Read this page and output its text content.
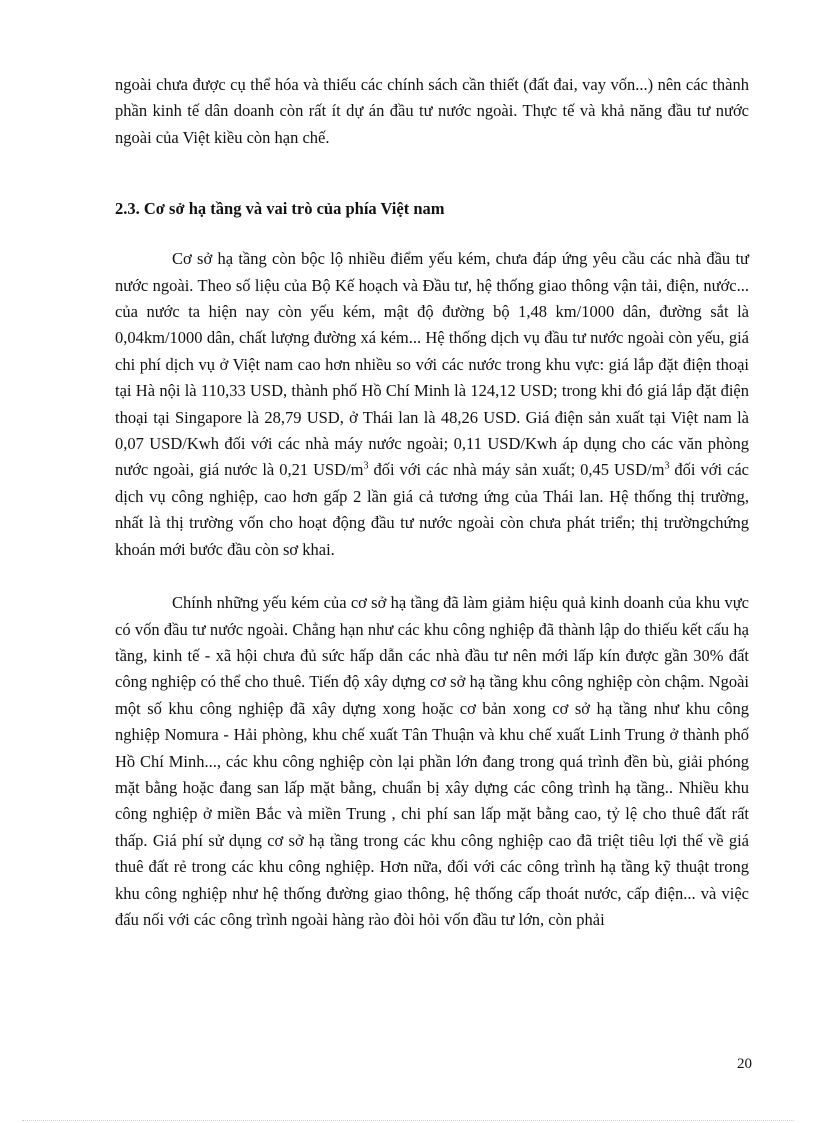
ngoài chưa được cụ thể hóa và thiếu các chính sách cần thiết (đất đai, vay vốn...) nên các thành phần kinh tế dân doanh còn rất ít dự án đầu tư nước ngoài. Thực tế và khả năng đầu tư nước ngoài của Việt kiều còn hạn chế.

2.3. Cơ sở hạ tầng và vai trò của phía Việt nam

Cơ sở hạ tầng còn bộc lộ nhiều điểm yếu kém, chưa đáp ứng yêu cầu các nhà đầu tư nước ngoài. Theo số liệu của Bộ Kế hoạch và Đầu tư, hệ thống giao thông vận tải, điện, nước... của nước ta hiện nay còn yếu kém, mật độ đường bộ 1,48 km/1000 dân, đường sắt là 0,04km/1000 dân, chất lượng đường xá kém... Hệ thống dịch vụ đầu tư nước ngoài còn yếu, giá chi phí dịch vụ ở Việt nam cao hơn nhiều so với các nước trong khu vực: giá lắp đặt điện thoại tại Hà nội là 110,33 USD, thành phố Hồ Chí Minh là 124,12 USD; trong khi đó giá lắp đặt điện thoại tại Singapore là 28,79 USD, ở Thái lan là 48,26 USD. Giá điện sản xuất tại Việt nam là 0,07 USD/Kwh đối với các nhà máy nước ngoài; 0,11 USD/Kwh áp dụng cho các văn phòng nước ngoài, giá nước là 0,21 USD/$m^3$ đối với các nhà máy sản xuất; 0,45 USD/$m^3$ đối với các dịch vụ công nghiệp, cao hơn gấp 2 lần giá cả tương ứng của Thái lan. Hệ thống thị trường, nhất là thị trường vốn cho hoạt động đầu tư nước ngoài còn chưa phát triển; thị trườngchứng khoán mới bước đầu còn sơ khai.

Chính những yếu kém của cơ sở hạ tầng đã làm giảm hiệu quả kinh doanh của khu vực có vốn đầu tư nước ngoài. Chẳng hạn như các khu công nghiệp đã thành lập do thiếu kết cấu hạ tầng, kinh tế - xã hội chưa đủ sức hấp dẫn các nhà đầu tư nên mới lấp kín được gần 30% đất công nghiệp có thể cho thuê. Tiến độ xây dựng cơ sở hạ tầng khu công nghiệp còn chậm. Ngoài một số khu công nghiệp đã xây dựng xong hoặc cơ bản xong cơ sở hạ tầng như khu công nghiệp Nomura - Hải phòng, khu chế xuất Tân Thuận và khu chế xuất Linh Trung ở thành phố Hồ Chí Minh..., các khu công nghiệp còn lại phần lớn đang trong quá trình đền bù, giải phóng mặt bằng hoặc đang san lấp mặt bằng, chuẩn bị xây dựng các công trình hạ tầng.. Nhiều khu công nghiệp ở miền Bắc và miền Trung , chi phí san lấp mặt bằng cao, tỷ lệ cho thuê đất rất thấp. Giá phí sử dụng cơ sở hạ tầng trong các khu công nghiệp cao đã triệt tiêu lợi thế về giá thuê đất rẻ trong các khu công nghiệp. Hơn nữa, đối với các công trình hạ tầng kỹ thuật trong khu công nghiệp như hệ thống đường giao thông, hệ thống cấp thoát nước, cấp điện... và việc đấu nối với các công trình ngoài hàng rào đòi hỏi vốn đầu tư lớn, còn phải

20
